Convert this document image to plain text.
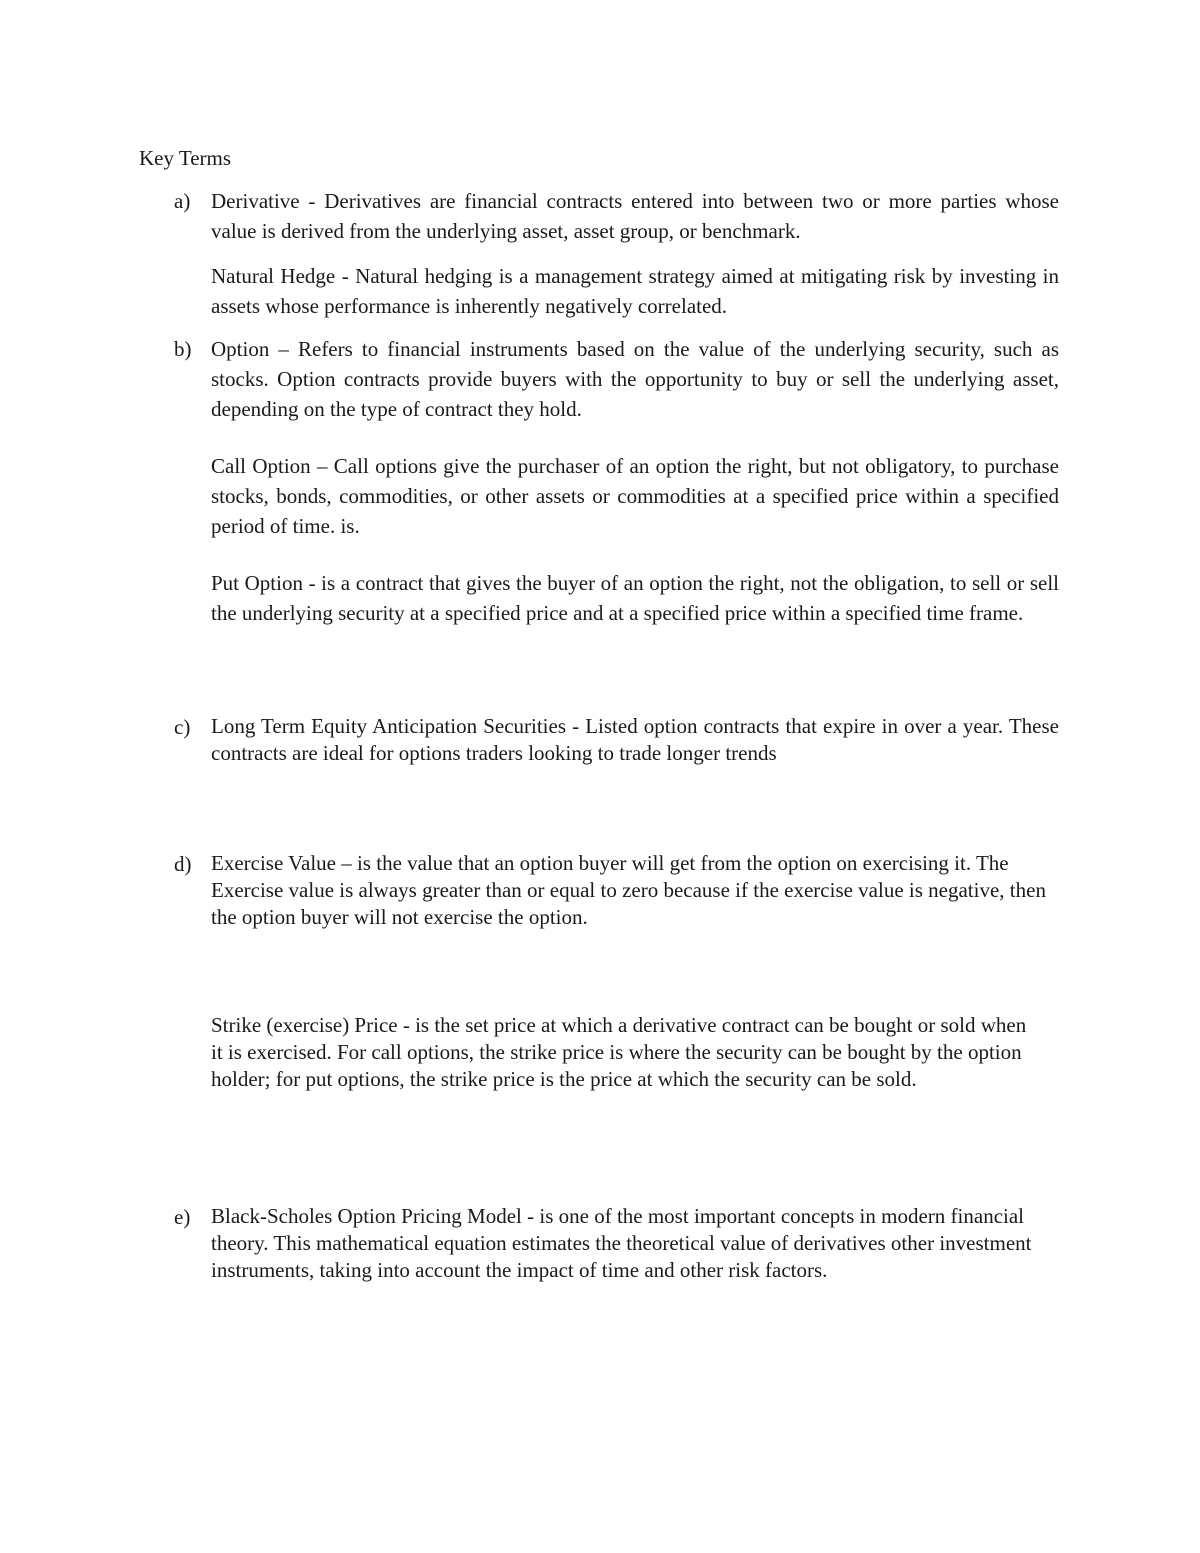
Key Terms
a) Derivative - Derivatives are financial contracts entered into between two or more parties whose value is derived from the underlying asset, asset group, or benchmark.
Natural Hedge - Natural hedging is a management strategy aimed at mitigating risk by investing in assets whose performance is inherently negatively correlated.
b) Option – Refers to financial instruments based on the value of the underlying security, such as stocks. Option contracts provide buyers with the opportunity to buy or sell the underlying asset, depending on the type of contract they hold.
Call Option – Call options give the purchaser of an option the right, but not obligatory, to purchase stocks, bonds, commodities, or other assets or commodities at a specified price within a specified period of time. is.
Put Option - is a contract that gives the buyer of an option the right, not the obligation, to sell or sell the underlying security at a specified price and at a specified price within a specified time frame.
c) Long Term Equity Anticipation Securities - Listed option contracts that expire in over a year. These contracts are ideal for options traders looking to trade longer trends
d) Exercise Value – is the value that an option buyer will get from the option on exercising it. The Exercise value is always greater than or equal to zero because if the exercise value is negative, then the option buyer will not exercise the option.
Strike (exercise) Price - is the set price at which a derivative contract can be bought or sold when it is exercised. For call options, the strike price is where the security can be bought by the option holder; for put options, the strike price is the price at which the security can be sold.
e) Black-Scholes Option Pricing Model - is one of the most important concepts in modern financial theory. This mathematical equation estimates the theoretical value of derivatives other investment instruments, taking into account the impact of time and other risk factors.
